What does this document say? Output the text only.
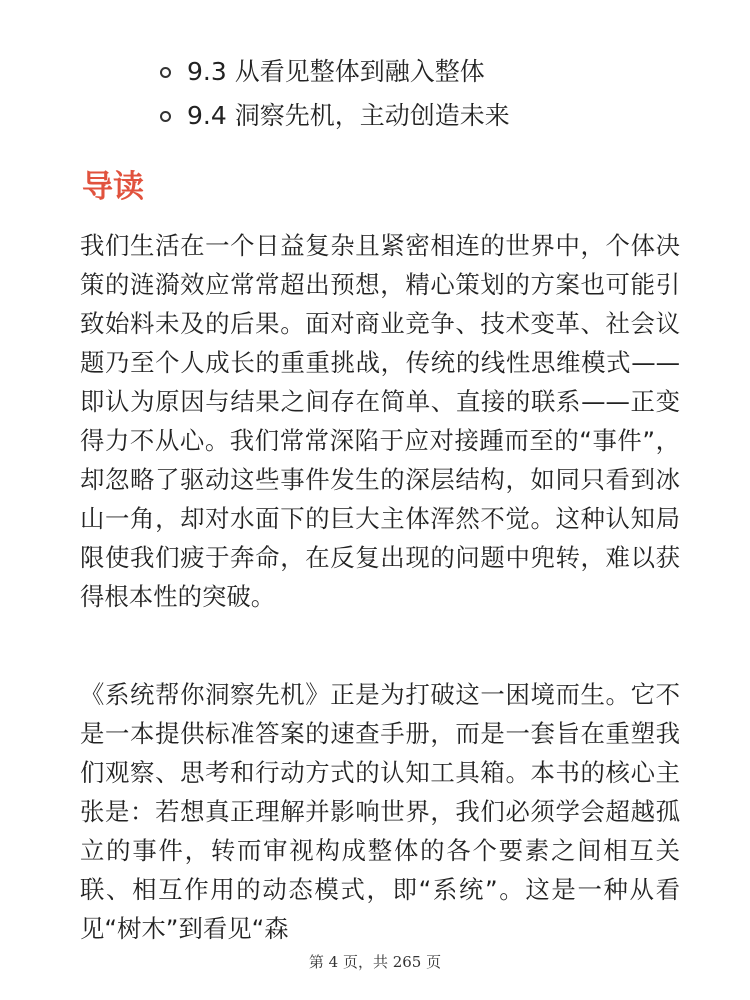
9.3 从看见整体到融入整体
9.4 洞察先机，主动创造未来
导读

我们生活在一个日益复杂且紧密相连的世界中，个体决策的涟漪效应常常超出预想，精心策划的方案也可能引致始料未及的后果。面对商业竞争、技术变革、社会议题乃至个人成长的重重挑战，传统的线性思维模式——即认为原因与结果之间存在简单、直接的联系——正变得力不从心。我们常常深陷于应对接踵而至的“事件”，却忽略了驱动这些事件发生的深层结构，如同只看到冰山一角，却对水面下的巨大主体浑然不觉。这种认知局限使我们疲于奔命，在反复出现的问题中兜转，难以获得根本性的突破。

《系统帮你洞察先机》正是为打破这一困境而生。它不是一本提供标准答案的速查手册，而是一套旨在重塑我们观察、思考和行动方式的认知工具箱。本书的核心主张是：若想真正理解并影响世界，我们必须学会超越孤立的事件，转而审视构成整体的各个要素之间相互关联、相互作用的动态模式，即“系统”。这是一种从看见“树木”到看见“森

第 4 页，共 265 页
